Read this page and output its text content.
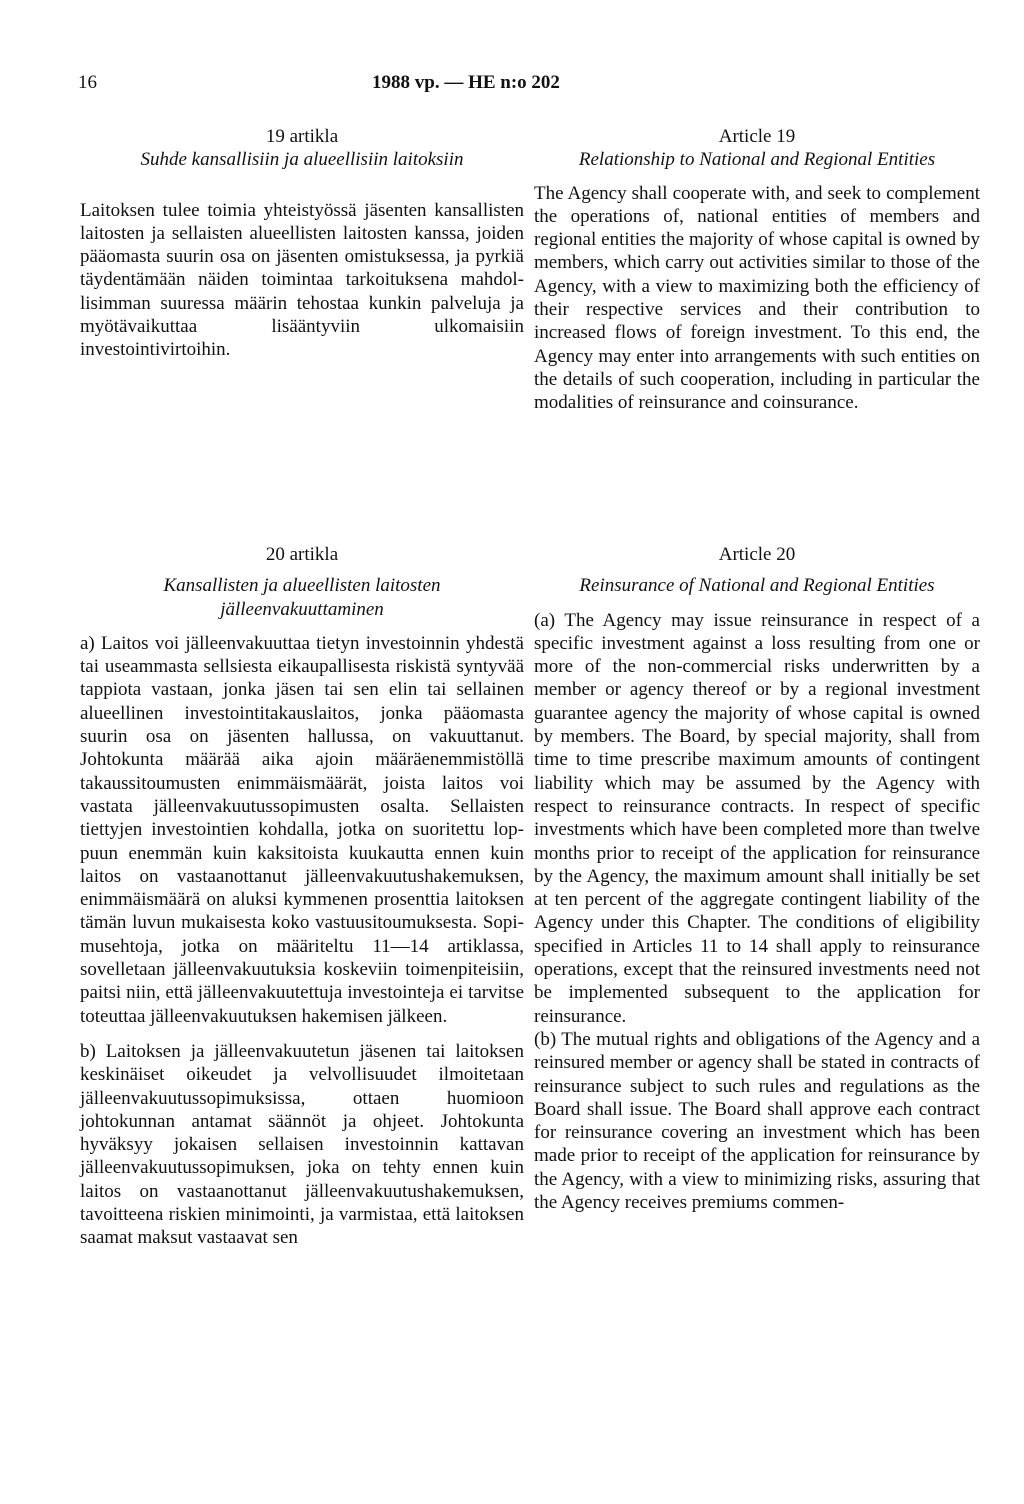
16	1988 vp. — HE n:o 202
19 artikla
Suhde kansallisiin ja alueellisiin laitoksiin

Laitoksen tulee toimia yhteistyössä jäsenten kansallisten laitosten ja sellaisten alueellisten laitosten kanssa, joiden pääomasta suurin osa on jäsenten omistuksessa, ja pyrkiä täydentämään näiden toimintaa tarkoituksena mahdollisimman suuressa määrin tehostaa kunkin palveluja ja myötävaikuttaa lisääntyviin ulkomaisiin investointivirtoihin.

Article 19
Relationship to National and Regional Entities

The Agency shall cooperate with, and seek to complement the operations of, national entities of members and regional entities the majority of whose capital is owned by members, which carry out activities similar to those of the Agency, with a view to maximizing both the efficiency of their respective services and their contribution to increased flows of foreign investment. To this end, the Agency may enter into arrangements with such entities on the details of such cooperation, including in particular the modalities of reinsurance and coinsurance.

20 artikla
Kansallisten ja alueellisten laitosten jälleenvakuuttaminen

a) Laitos voi jälleenvakuuttaa tietyn investoinnin yhdestä tai useammasta sellsiesta eikaupallisesta riskistä syntyvää tappiota vastaan, jonka jäsen tai sen elin tai sellainen alueellinen investointitakauslaitos, jonka pääomasta suurin osa on jäsenten hallussa, on vakuuttanut. Johtokunta määrää aika ajoin määräenemmistöllä takaussitoumusten enimmäismäärät, joista laitos voi vastata jälleenvakuutussopimusten osalta. Sellaisten tiettyjen investointien kohdalla, jotka on suoritettu loppuun enemmän kuin kaksitoista kuukautta ennen kuin laitos on vastaanottanut jälleenvakuutushakemuksen, enimmäismäärä on aluksi kymmenen prosenttia laitoksen tämän luvun mukaisesta koko vastuusitoumuksesta. Sopimusehtoja, jotka on määriteltu 11—14 artiklassa, sovelletaan jälleenvakuutuksia koskeviin toimenpiteisiin, paitsi niin, että jälleenvakuutettuja investointeja ei tarvitse toteuttaa jälleenvakuutuksen hakemisen jälkeen.

b) Laitoksen ja jälleenvakuutetun jäsenen tai laitoksen keskinäiset oikeudet ja velvollisuudet ilmoitetaan jälleenvakuutussopimuksissa, ottaen huomioon johtokunnan antamat säännöt ja ohjeet. Johtokunta hyväksyy jokaisen sellaisen investoinnin kattavan jälleenvakuutussopimuksen, joka on tehty ennen kuin laitos on vastaanottanut jälleenvakuutushakemuksen, tavoitteena riskien minimointi, ja varmistaa, että laitoksen saamat maksut vastaavat sen

Article 20
Reinsurance of National and Regional Entities

(a) The Agency may issue reinsurance in respect of a specific investment against a loss resulting from one or more of the non-commercial risks underwritten by a member or agency thereof or by a regional investment guarantee agency the majority of whose capital is owned by members. The Board, by special majority, shall from time to time prescribe maximum amounts of contingent liability which may be assumed by the Agency with respect to reinsurance contracts. In respect of specific investments which have been completed more than twelve months prior to receipt of the application for reinsurance by the Agency, the maximum amount shall initially be set at ten percent of the aggregate contingent liability of the Agency under this Chapter. The conditions of eligibility specified in Articles 11 to 14 shall apply to reinsurance operations, except that the reinsured investments need not be implemented subsequent to the application for reinsurance.

(b) The mutual rights and obligations of the Agency and a reinsured member or agency shall be stated in contracts of reinsurance subject to such rules and regulations as the Board shall issue. The Board shall approve each contract for reinsurance covering an investment which has been made prior to receipt of the application for reinsurance by the Agency, with a view to minimizing risks, assuring that the Agency receives premiums commen-
